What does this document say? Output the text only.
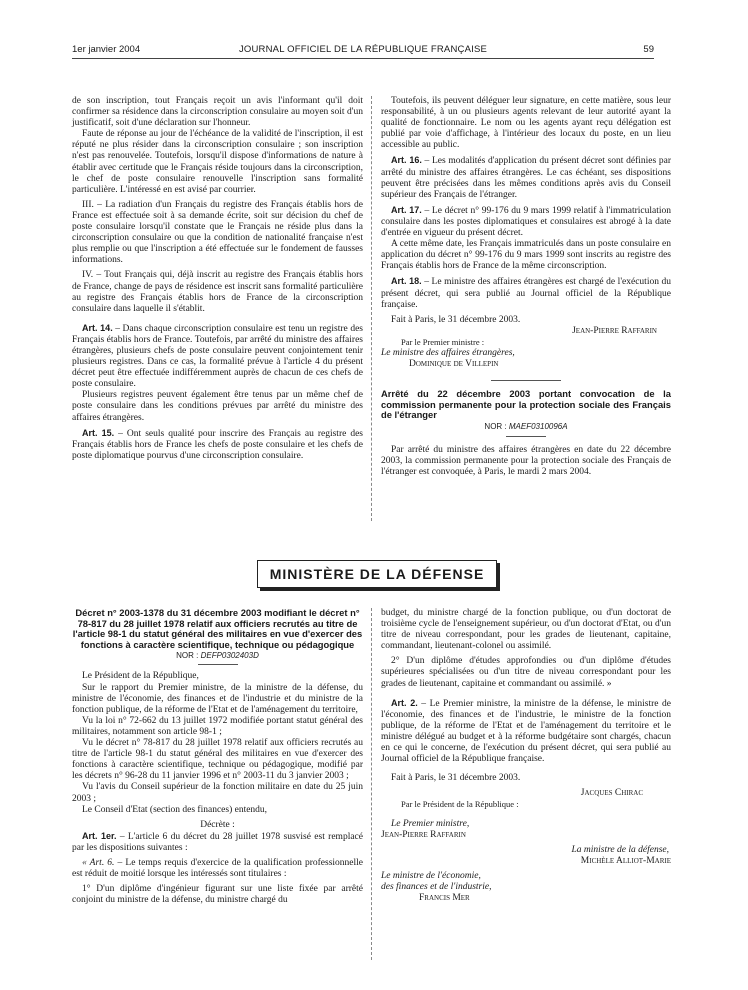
1er janvier 2004	JOURNAL OFFICIEL DE LA RÉPUBLIQUE FRANÇAISE	59

de son inscription, tout Français reçoit un avis l'informant qu'il doit confirmer sa résidence dans la circonscription consulaire au moyen soit d'un justificatif, soit d'une déclaration sur l'honneur.

Faute de réponse au jour de l'échéance de la validité de l'inscription, il est réputé ne plus résider dans la circonscription consulaire ; son inscription n'est pas renouvelée. Toutefois, lorsqu'il dispose d'informations de nature à établir avec certitude que le Français réside toujours dans la circonscription, le chef de poste consulaire renouvelle l'inscription sans formalité particulière. L'intéressé en est avisé par courrier.

III. – La radiation d'un Français du registre des Français établis hors de France est effectuée soit à sa demande écrite, soit sur décision du chef de poste consulaire lorsqu'il constate que le Français ne réside plus dans la circonscription consulaire ou que la condition de nationalité française n'est plus remplie ou que l'inscription a été effectuée sur le fondement de fausses informations.

IV. – Tout Français qui, déjà inscrit au registre des Français établis hors de France, change de pays de résidence est inscrit sans formalité particulière au registre des Français établis hors de France de la circonscription consulaire dans laquelle il s'établit.

Art. 14. – Dans chaque circonscription consulaire est tenu un registre des Français établis hors de France. Toutefois, par arrêté du ministre des affaires étrangères, plusieurs chefs de poste consulaire peuvent conjointement tenir plusieurs registres. Dans ce cas, la formalité prévue à l'article 4 du présent décret peut être effectuée indifféremment auprès de chacun de ces chefs de poste consulaire.

Plusieurs registres peuvent également être tenus par un même chef de poste consulaire dans les conditions prévues par arrêté du ministre des affaires étrangères.

Art. 15. – Ont seuls qualité pour inscrire des Français au registre des Français établis hors de France les chefs de poste consulaire et les chefs de poste diplomatique pourvus d'une circonscription consulaire.

Toutefois, ils peuvent déléguer leur signature, en cette matière, sous leur responsabilité, à un ou plusieurs agents relevant de leur autorité ayant la qualité de fonctionnaire. Le nom ou les agents ayant reçu délégation est publié par voie d'affichage, à l'intérieur des locaux du poste, en un lieu accessible au public.

Art. 16. – Les modalités d'application du présent décret sont définies par arrêté du ministre des affaires étrangères. Le cas échéant, ses dispositions peuvent être précisées dans les mêmes conditions après avis du Conseil supérieur des Français de l'étranger.

Art. 17. – Le décret n° 99-176 du 9 mars 1999 relatif à l'immatriculation consulaire dans les postes diplomatiques et consulaires est abrogé à la date d'entrée en vigueur du présent décret.

A cette même date, les Français immatriculés dans un poste consulaire en application du décret n° 99-176 du 9 mars 1999 sont inscrits au registre des Français établis hors de France de la même circonscription.

Art. 18. – Le ministre des affaires étrangères est chargé de l'exécution du présent décret, qui sera publié au Journal officiel de la République française.

Fait à Paris, le 31 décembre 2003.

Jean-Pierre Raffarin

Par le Premier ministre :

Le ministre des affaires étrangères,

Dominique de Villepin

Arrêté du 22 décembre 2003 portant convocation de la commission permanente pour la protection sociale des Français de l'étranger

NOR : MAEF0310096A

Par arrêté du ministre des affaires étrangères en date du 22 décembre 2003, la commission permanente pour la protection sociale des Français de l'étranger est convoquée, à Paris, le mardi 2 mars 2004.

MINISTÈRE DE LA DÉFENSE

Décret n° 2003-1378 du 31 décembre 2003 modifiant le décret n° 78-817 du 28 juillet 1978 relatif aux officiers recrutés au titre de l'article 98-1 du statut général des militaires en vue d'exercer des fonctions à caractère scientifique, technique ou pédagogique

NOR : DEFP0302403D

Le Président de la République,

Sur le rapport du Premier ministre, de la ministre de la défense, du ministre de l'économie, des finances et de l'industrie et du ministre de la fonction publique, de la réforme de l'Etat et de l'aménagement du territoire,

Vu la loi n° 72-662 du 13 juillet 1972 modifiée portant statut général des militaires, notamment son article 98-1 ;

Vu le décret n° 78-817 du 28 juillet 1978 relatif aux officiers recrutés au titre de l'article 98-1 du statut général des militaires en vue d'exercer des fonctions à caractère scientifique, technique ou pédagogique, modifié par les décrets n° 96-28 du 11 janvier 1996 et n° 2003-11 du 3 janvier 2003 ;

Vu l'avis du Conseil supérieur de la fonction militaire en date du 25 juin 2003 ;

Le Conseil d'Etat (section des finances) entendu,

Décrète :

Art. 1er. – L'article 6 du décret du 28 juillet 1978 susvisé est remplacé par les dispositions suivantes :

« Art. 6. – Le temps requis d'exercice de la qualification professionnelle est réduit de moitié lorsque les intéressés sont titulaires :

1° D'un diplôme d'ingénieur figurant sur une liste fixée par arrêté conjoint du ministre de la défense, du ministre chargé du

budget, du ministre chargé de la fonction publique, ou d'un doctorat de troisième cycle de l'enseignement supérieur, ou d'un doctorat d'Etat, ou d'un titre de niveau correspondant, pour les grades de lieutenant, capitaine, commandant, lieutenant-colonel ou assimilé.

2° D'un diplôme d'études approfondies ou d'un diplôme d'études supérieures spécialisées ou d'un titre de niveau correspondant pour les grades de lieutenant, capitaine et commandant ou assimilé. »

Art. 2. – Le Premier ministre, la ministre de la défense, le ministre de l'économie, des finances et de l'industrie, le ministre de la fonction publique, de la réforme de l'Etat et de l'aménagement du territoire et le ministre délégué au budget et à la réforme budgétaire sont chargés, chacun en ce qui le concerne, de l'exécution du présent décret, qui sera publié au Journal officiel de la République française.

Fait à Paris, le 31 décembre 2003.

Jacques Chirac

Par le Président de la République :

Le Premier ministre,

Jean-Pierre Raffarin

La ministre de la défense,

Michèle Alliot-Marie

Le ministre de l'économie,

des finances et de l'industrie,

Francis Mer
